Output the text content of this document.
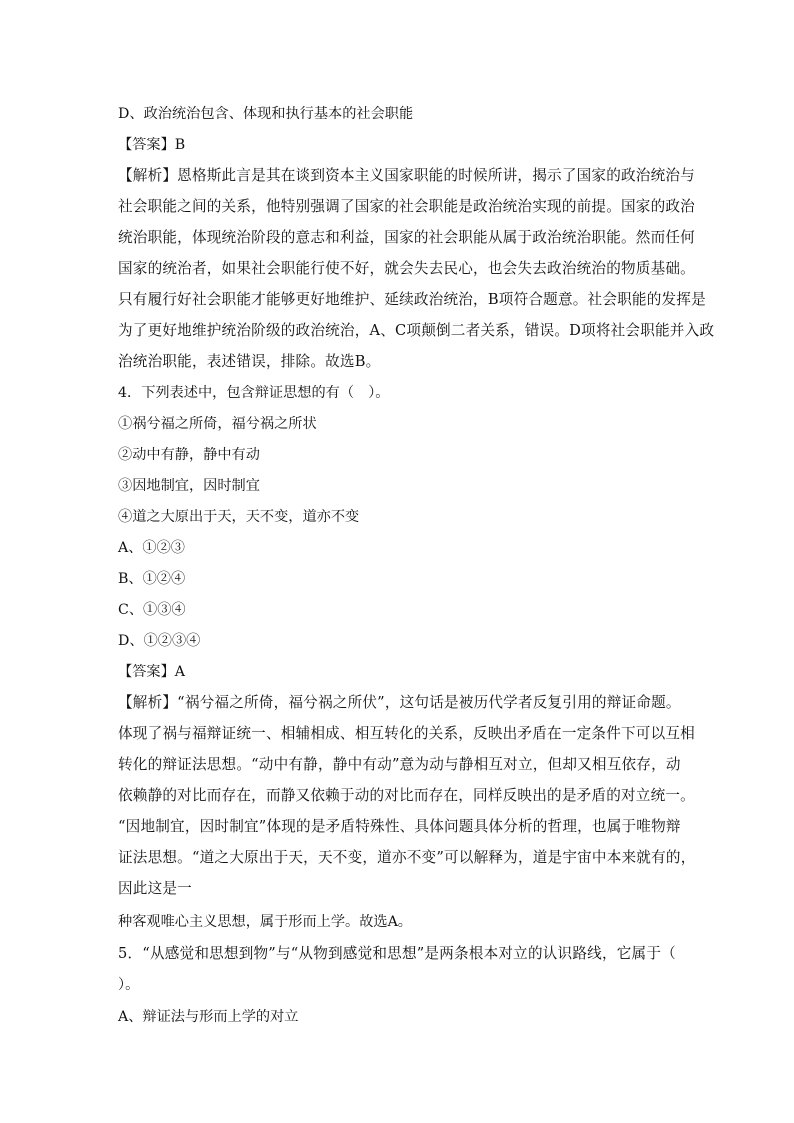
D、政治统治包含、体现和执行基本的社会职能
【答案】B
【解析】恩格斯此言是其在谈到资本主义国家职能的时候所讲，揭示了国家的政治统治与
社会职能之间的关系，他特别强调了国家的社会职能是政治统治实现的前提。国家的政治
统治职能，体现统治阶段的意志和利益，国家的社会职能从属于政治统治职能。然而任何
国家的统治者，如果社会职能行使不好，就会失去民心，也会失去政治统治的物质基础。
只有履行好社会职能才能够更好地维护、延续政治统治，B项符合题意。社会职能的发挥是
为了更好地维护统治阶级的政治统治，A、C项颠倒二者关系，错误。D项将社会职能并入政
治统治职能，表述错误，排除。故选B。
4．下列表述中，包含辩证思想的有（　）。
①祸兮福之所倚，福兮祸之所状
②动中有静，静中有动
③因地制宜，因时制宜
④道之大原出于天，天不变，道亦不变
A、①②③
B、①②④
C、①③④
D、①②③④
【答案】A
【解析】“祸兮福之所倚，福兮祸之所伏”，这句话是被历代学者反复引用的辩证命题。
体现了祸与福辩证统一、相辅相成、相互转化的关系，反映出矛盾在一定条件下可以互相
转化的辩证法思想。“动中有静，静中有动”意为动与静相互对立，但却又相互依存，动
依赖静的对比而存在，而静又依赖于动的对比而存在，同样反映出的是矛盾的对立统一。
“因地制宜，因时制宜”体现的是矛盾特殊性、具体问题具体分析的哲理，也属于唯物辩
证法思想。“道之大原出于天，天不变，道亦不变”可以解释为，道是宇宙中本来就有的，
因此这是一
种客观唯心主义思想，属于形而上学。故选A。
5．“从感觉和思想到物”与“从物到感觉和思想”是两条根本对立的认识路线，它属于（
）。
A、辩证法与形而上学的对立
